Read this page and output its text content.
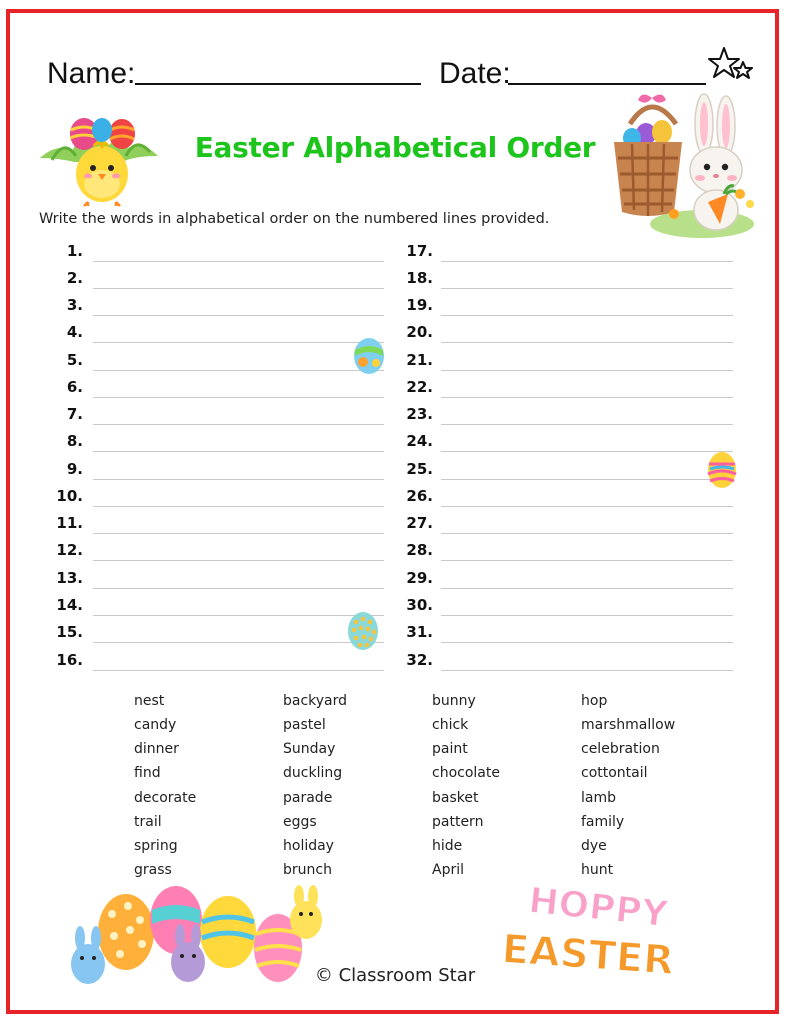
Name:	Date:
Easter Alphabetical Order
Write the words in alphabetical order on the numbered lines provided.
1.
2.
3.
4.
5.
6.
7.
8.
9.
10.
11.
12.
13.
14.
15.
16.
17.
18.
19.
20.
21.
22.
23.
24.
25.
26.
27.
28.
29.
30.
31.
32.
nest
candy
dinner
find
decorate
trail
spring
grass
backyard
pastel
Sunday
duckling
parade
eggs
holiday
brunch
bunny
chick
paint
chocolate
basket
pattern
hide
April
hop
marshmallow
celebration
cottontail
lamb
family
dye
hunt
HOPPY
EASTER
© Classroom Star
